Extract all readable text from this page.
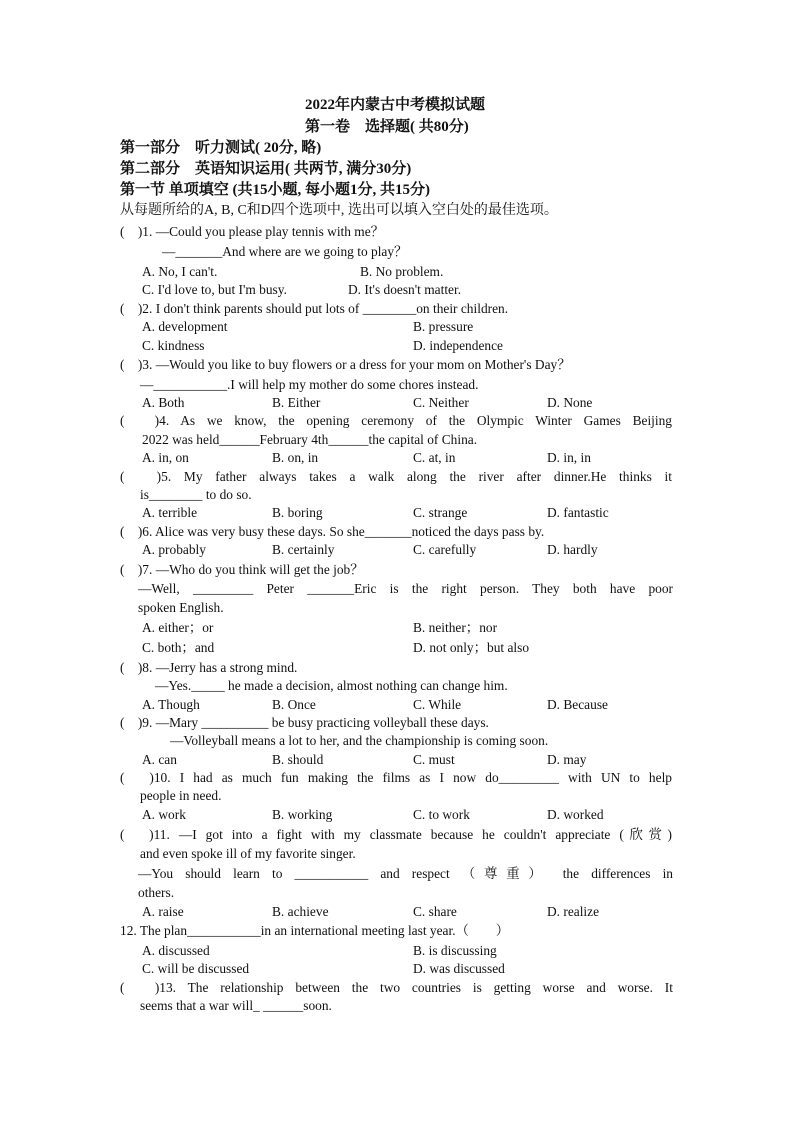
2022年内蒙古中考模拟试题
第一卷　选择题( 共80分)
第一部分　听力测试( 20分, 略)
第二部分　英语知识运用( 共两节, 满分30分)
第一节 单项填空 (共15小题, 每小题1分, 共15分)
从每题所给的A, B, C和D四个选项中, 选出可以填入空白处的最佳选项。
(　)1. —Could you please play tennis with me？
—_______And where are we going to play？
A. No, I can't.	B. No problem.
C. I'd love to, but I'm busy.	D. It's doesn't matter.
(　)2. I don't think parents should put lots of ________on their children.
A. development	B. pressure
C. kindness	D. independence
(　)3. —Would you like to buy flowers or a dress for your mom on Mother's Day？
—___________.I will help my mother do some chores instead.
A. Both	B. Either	C. Neither	D. None
(　)4. As we know, the opening ceremony of the Olympic Winter Games Beijing
2022 was held______February 4th______the capital of China.
A. in, on	B. on, in	C. at, in	D. in, in
(　)5. My father always takes a walk along the river after dinner.He thinks it
is________ to do so.
A. terrible	B. boring	C. strange	D. fantastic
(　)6. Alice was very busy these days. So she_______noticed the days pass by.
A. probably	B. certainly	C. carefully	D. hardly
(　)7. —Who do you think will get the job？
—Well, _________ Peter _______Eric is the right person. They both have poor
spoken English.
A. either；or	B. neither；nor
C. both；and	D. not only；but also
(　)8. —Jerry has a strong mind.
—Yes._____ he made a decision, almost nothing can change him.
A. Though	B. Once	C. While	D. Because
(　)9. —Mary __________ be busy practicing volleyball these days.
—Volleyball means a lot to her, and the championship is coming soon.
A. can	B. should	C. must	D. may
(　)10. I had as much fun making the films as I now do_________ with UN to help
people in need.
A. work	B. working	C. to work	D. worked
(　)11. —I got into a fight with my classmate because he couldn't appreciate (欣赏)
and even spoke ill of my favorite singer.
—You should learn to ___________ and respect （尊重） the differences in
others.
A. raise	B. achieve	C. share	D. realize
12. The plan___________in an international meeting last year.（　　）
A. discussed	B. is discussing
C. will be discussed	D. was discussed
(　)13. The relationship between the two countries is getting worse and worse. It
seems that a war will_ ______soon.
